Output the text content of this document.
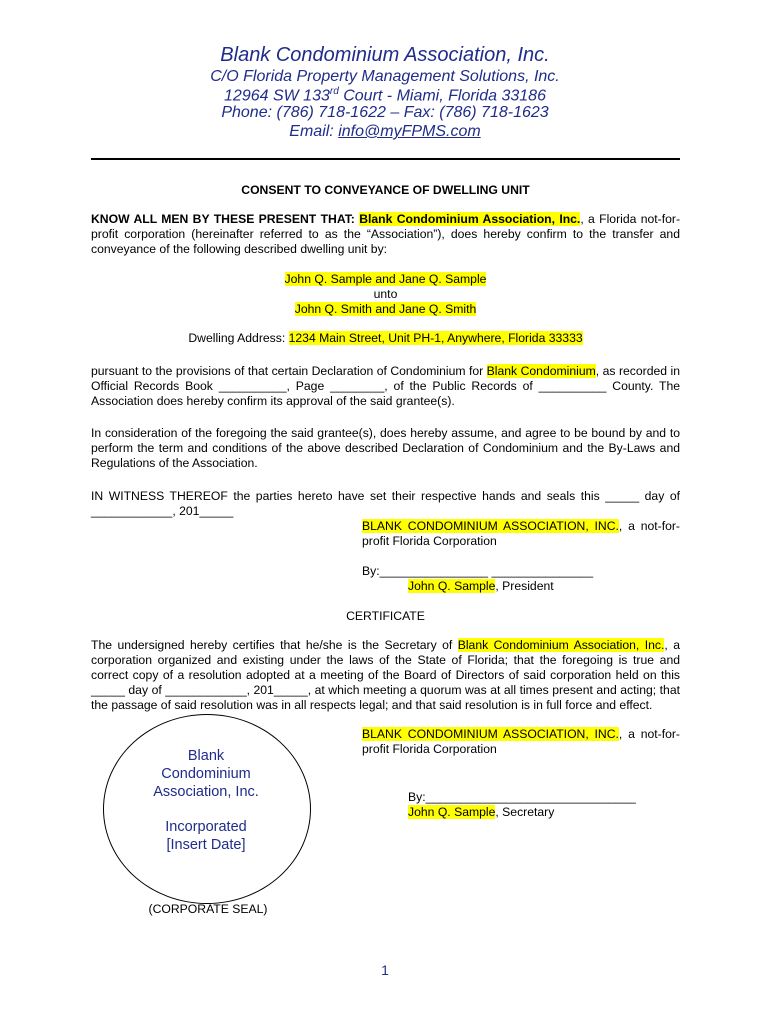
Blank Condominium Association, Inc.
C/O Florida Property Management Solutions, Inc.
12964 SW 133rd Court - Miami, Florida 33186
Phone: (786) 718-1622 – Fax: (786) 718-1623
Email: info@myFPMS.com
CONSENT TO CONVEYANCE OF DWELLING UNIT
KNOW ALL MEN BY THESE PRESENT THAT: Blank Condominium Association, Inc., a Florida not-for-profit corporation (hereinafter referred to as the “Association”), does hereby confirm to the transfer and conveyance of the following described dwelling unit by:
John Q. Sample and Jane Q. Sample
unto
John Q. Smith and Jane Q. Smith
Dwelling Address: 1234 Main Street, Unit PH-1, Anywhere, Florida 33333
pursuant to the provisions of that certain Declaration of Condominium for Blank Condominium, as recorded in Official Records Book __________, Page ________, of the Public Records of __________ County. The Association does hereby confirm its approval of the said grantee(s).
In consideration of the foregoing the said grantee(s), does hereby assume, and agree to be bound by and to perform the term and conditions of the above described Declaration of Condominium and the By-Laws and Regulations of the Association.
IN WITNESS THEREOF the parties hereto have set their respective hands and seals this _____ day of ____________, 201_____
BLANK CONDOMINIUM ASSOCIATION, INC., a not-for-profit Florida Corporation
By:________________ _______________
John Q. Sample, President
CERTIFICATE
The undersigned hereby certifies that he/she is the Secretary of Blank Condominium Association, Inc., a corporation organized and existing under the laws of the State of Florida; that the foregoing is true and correct copy of a resolution adopted at a meeting of the Board of Directors of said corporation held on this _____ day of ____________, 201_____, at which meeting a quorum was at all times present and acting; that the passage of said resolution was in all respects legal; and that said resolution is in full force and effect.
BLANK CONDOMINIUM ASSOCIATION, INC., a not-for-profit Florida Corporation
By:_______________________________
John Q. Sample, Secretary
Blank
Condominium
Association, Inc.
Incorporated
[Insert Date]
(CORPORATE SEAL)
1
